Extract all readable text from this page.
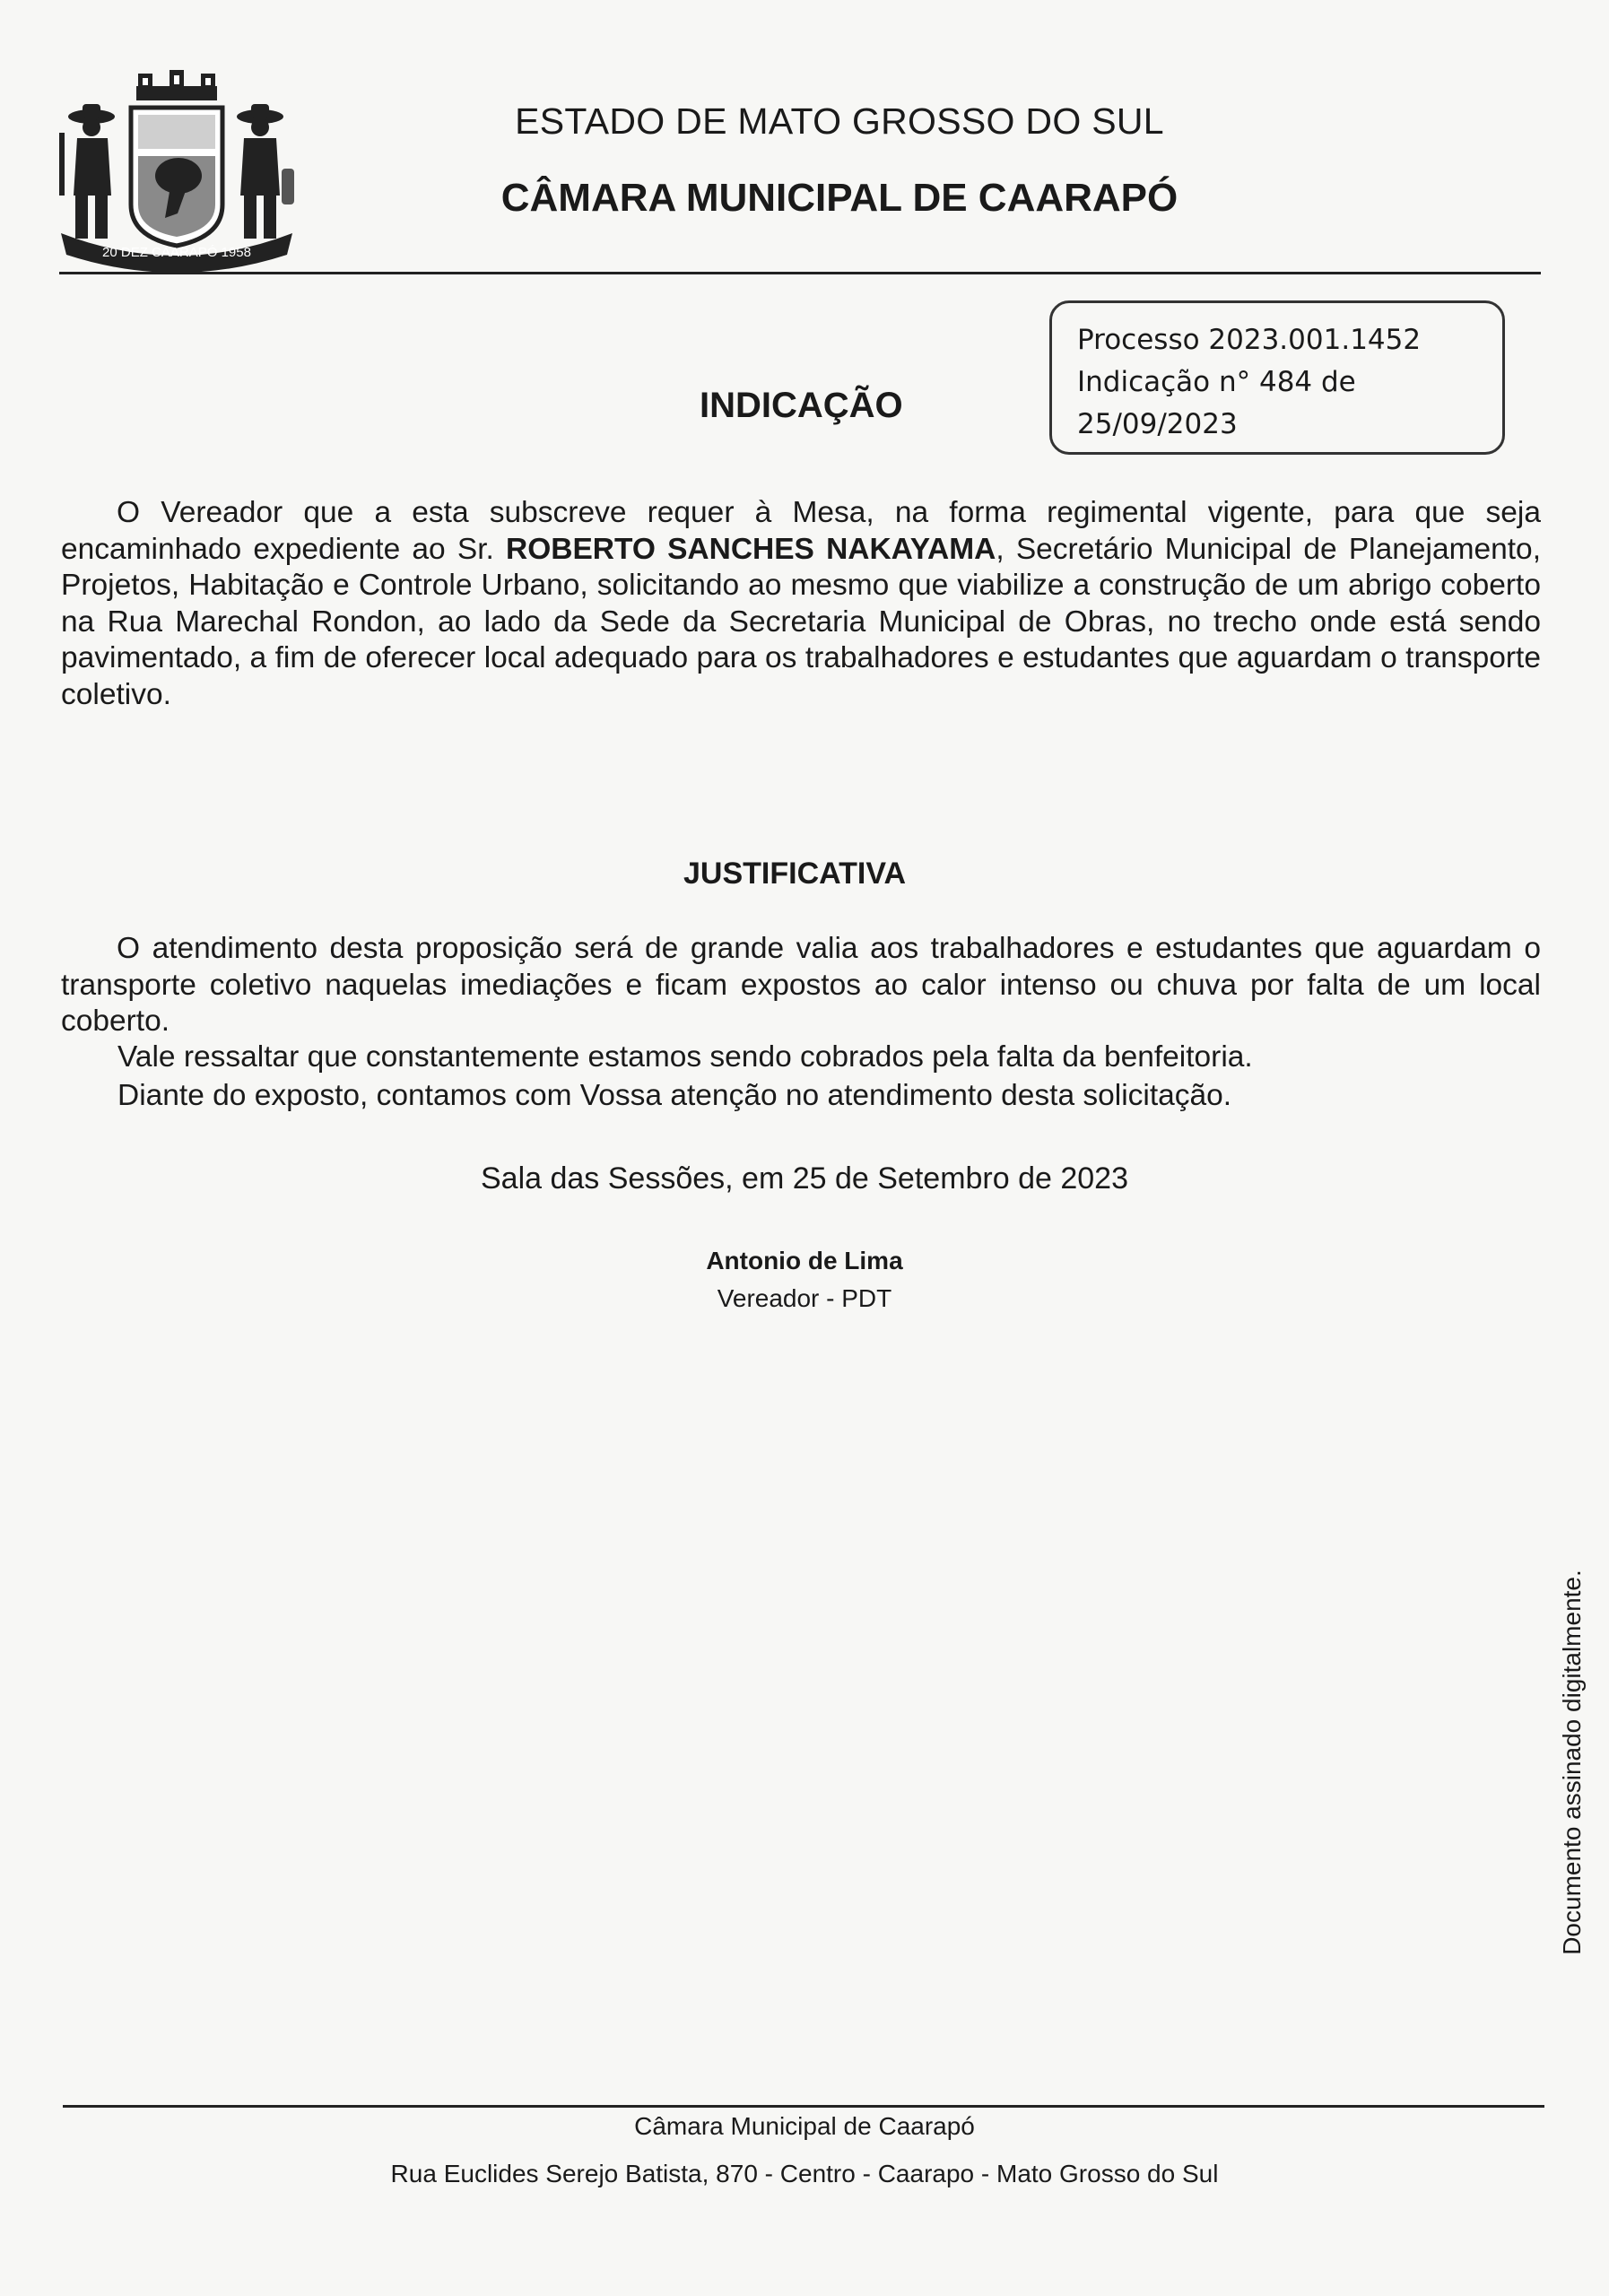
20 DEZ CAARAPÓ 1958
ESTADO DE MATO GROSSO DO SUL
CÂMARA MUNICIPAL DE CAARAPÓ
Processo 2023.001.1452
Indicação n° 484 de
25/09/2023
INDICAÇÃO
O Vereador que a esta subscreve requer à Mesa, na forma regimental vigente, para que seja encaminhado expediente ao Sr. ROBERTO SANCHES NAKAYAMA, Secretário Municipal de Planejamento, Projetos, Habitação e Controle Urbano, solicitando ao mesmo que viabilize a construção de um abrigo coberto na Rua Marechal Rondon, ao lado da Sede da Secretaria Municipal de Obras, no trecho onde está sendo pavimentado, a fim de oferecer local adequado para os trabalhadores e estudantes que aguardam o transporte coletivo.
JUSTIFICATIVA
O atendimento desta proposição será de grande valia aos trabalhadores e estudantes que aguardam o transporte coletivo naquelas imediações e ficam expostos ao calor intenso ou chuva por falta de um local coberto.
Vale ressaltar que constantemente estamos sendo cobrados pela falta da benfeitoria.
Diante do exposto, contamos com Vossa atenção no atendimento desta solicitação.
Sala das Sessões, em 25 de Setembro de 2023
Antonio de Lima
Vereador - PDT
Documento assinado digitalmente.
Câmara Municipal de Caarapó
Rua Euclides Serejo Batista, 870 - Centro - Caarapo - Mato Grosso do Sul
